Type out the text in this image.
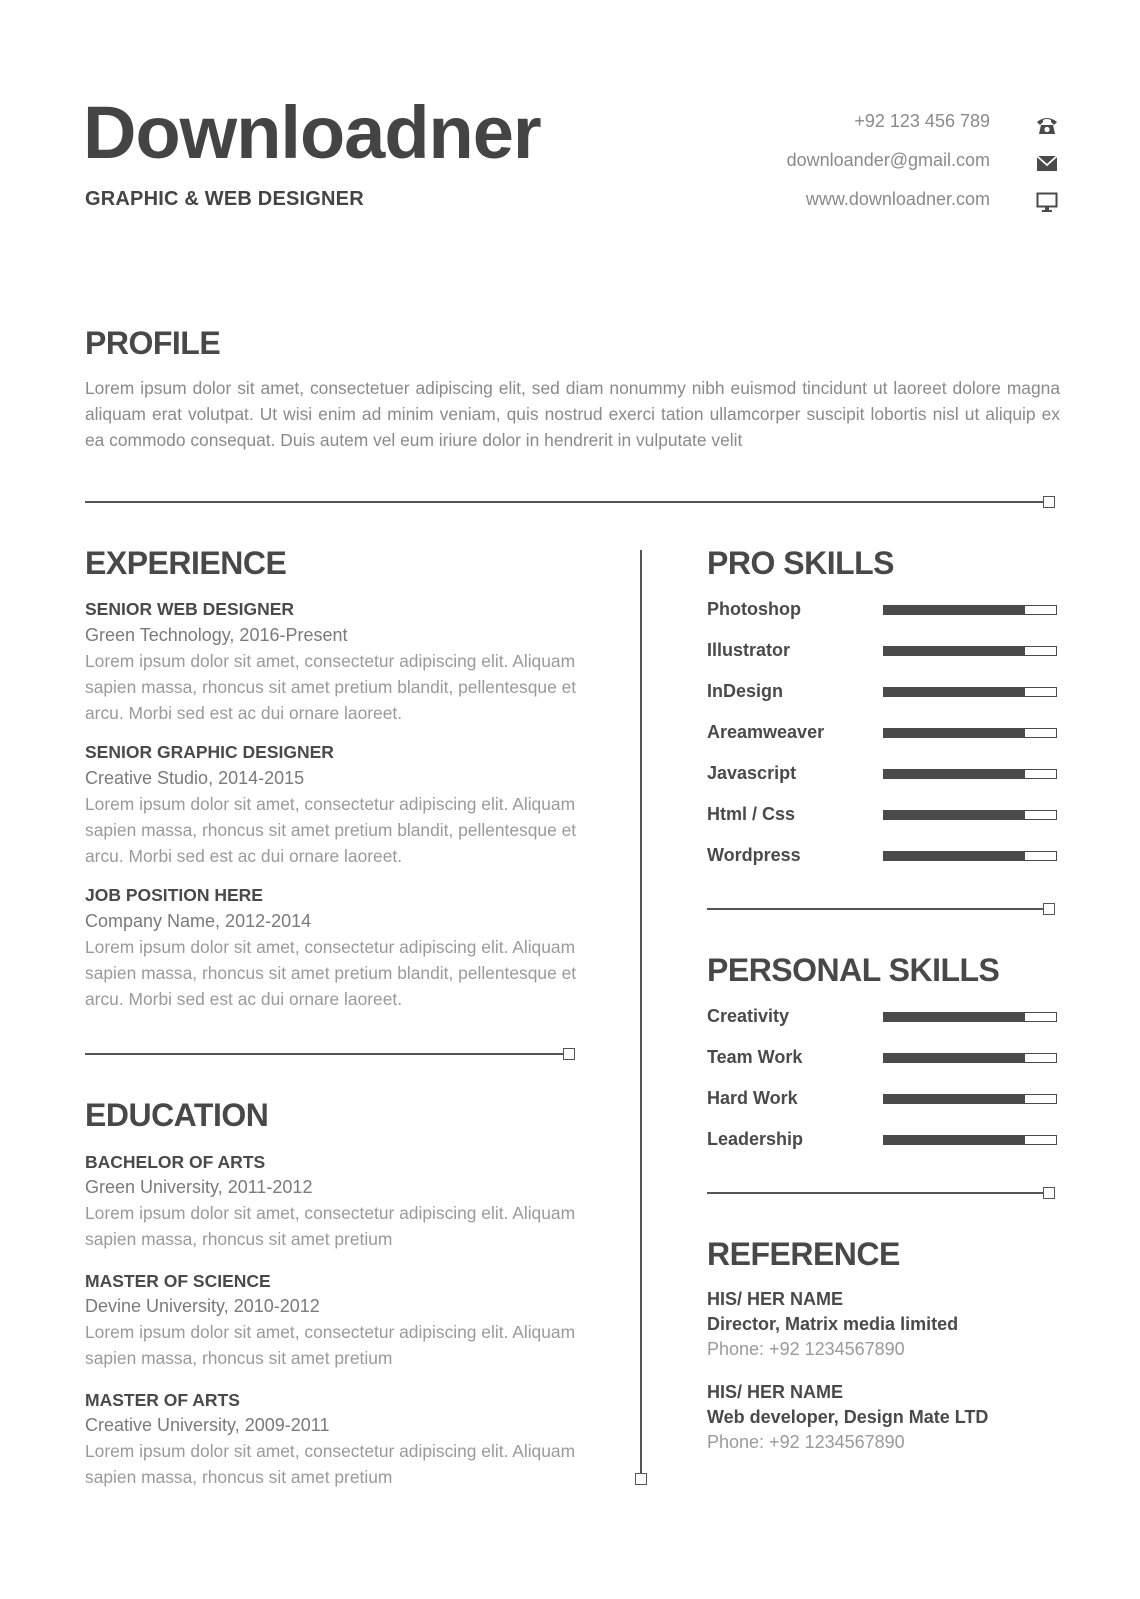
Downloadner
GRAPHIC & WEB DESIGNER
+92 123 456 789
downloander@gmail.com
www.downloadner.com
PROFILE
Lorem ipsum dolor sit amet, consectetuer adipiscing elit, sed diam nonummy nibh euismod tincidunt ut laoreet dolore magna aliquam erat volutpat. Ut wisi enim ad minim veniam, quis nostrud exerci tation ullamcorper suscipit lobortis nisl ut aliquip ex ea commodo consequat. Duis autem vel eum iriure dolor in hendrerit in vulputate velit
EXPERIENCE
SENIOR WEB DESIGNER
Green Technology, 2016-Present
Lorem ipsum dolor sit amet, consectetur adipiscing elit. Aliquam sapien massa, rhoncus sit amet pretium blandit, pellentesque et arcu. Morbi sed est ac dui ornare laoreet.
SENIOR GRAPHIC DESIGNER
Creative Studio, 2014-2015
Lorem ipsum dolor sit amet, consectetur adipiscing elit. Aliquam sapien massa, rhoncus sit amet pretium blandit, pellentesque et arcu. Morbi sed est ac dui ornare laoreet.
JOB POSITION HERE
Company Name, 2012-2014
Lorem ipsum dolor sit amet, consectetur adipiscing elit. Aliquam sapien massa, rhoncus sit amet pretium blandit, pellentesque et arcu. Morbi sed est ac dui ornare laoreet.
EDUCATION
BACHELOR OF ARTS
Green University, 2011-2012
Lorem ipsum dolor sit amet, consectetur adipiscing elit. Aliquam sapien massa, rhoncus sit amet pretium
MASTER OF SCIENCE
Devine University, 2010-2012
Lorem ipsum dolor sit amet, consectetur adipiscing elit. Aliquam sapien massa, rhoncus sit amet pretium
MASTER OF ARTS
Creative University, 2009-2011
Lorem ipsum dolor sit amet, consectetur adipiscing elit. Aliquam sapien massa, rhoncus sit amet pretium
PRO SKILLS
Photoshop
Illustrator
InDesign
Areamweaver
Javascript
Html / Css
Wordpress
PERSONAL SKILLS
Creativity
Team Work
Hard Work
Leadership
REFERENCE
HIS/ HER NAME
Director, Matrix media limited
Phone: +92 1234567890
HIS/ HER NAME
Web developer, Design Mate LTD
Phone: +92 1234567890
